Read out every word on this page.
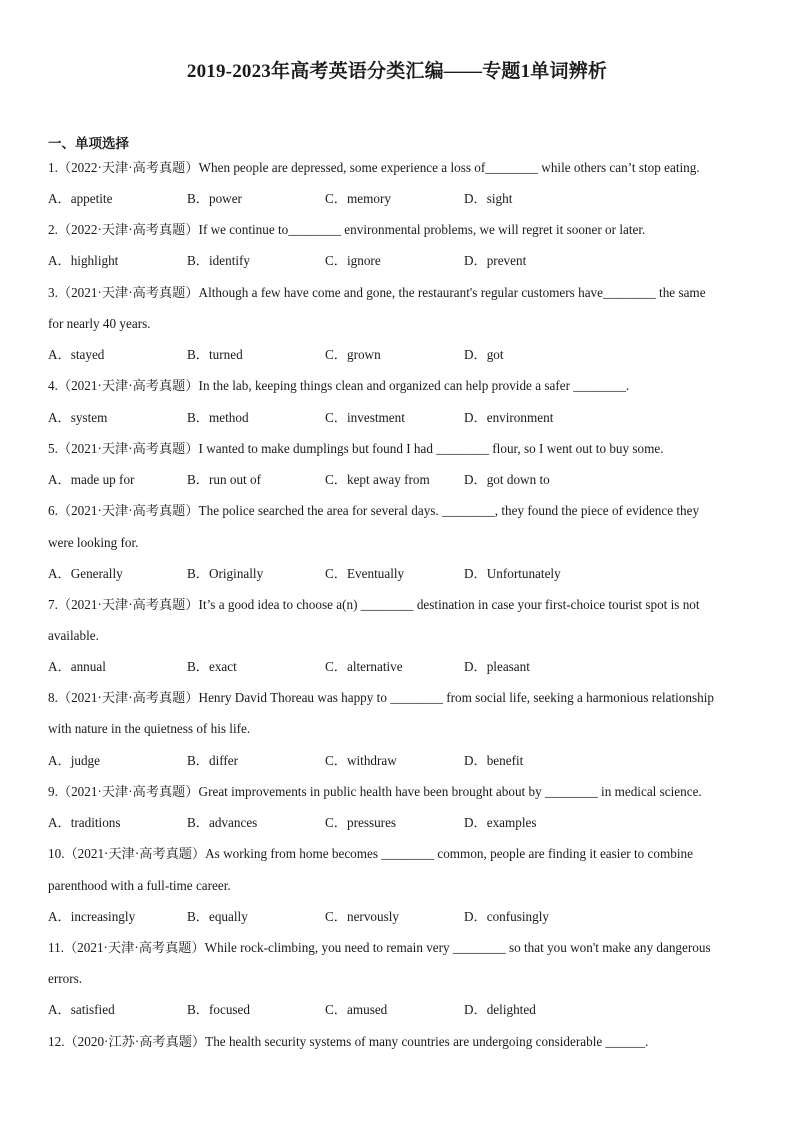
2019-2023年高考英语分类汇编——专题1单词辨析
一、单项选择
1.（2022·天津·高考真题）When people are depressed, some experience a loss of________ while others can’t stop eating.
A．appetite	B．power	C．memory	D．sight
2.（2022·天津·高考真题）If we continue to________ environmental problems, we will regret it sooner or later.
A．highlight	B．identify	C．ignore	D．prevent
3.（2021·天津·高考真题）Although a few have come and gone, the restaurant's regular customers have________ the same
for nearly 40 years.
A．stayed	B．turned	C．grown	D．got
4.（2021·天津·高考真题）In the lab, keeping things clean and organized can help provide a safer ________.
A．system	B．method	C．investment	D．environment
5.（2021·天津·高考真题）I wanted to make dumplings but found I had ________ flour, so I went out to buy some.
A．made up for	B．run out of	C．kept away from	D．got down to
6.（2021·天津·高考真题）The police searched the area for several days. ________, they found the piece of evidence they
were looking for.
A．Generally	B．Originally	C．Eventually	D．Unfortunately
7.（2021·天津·高考真题）It’s a good idea to choose a(n) ________ destination in case your first-choice tourist spot is not
available.
A．annual	B．exact	C．alternative	D．pleasant
8.（2021·天津·高考真题）Henry David Thoreau was happy to ________ from social life, seeking a harmonious relationship
with nature in the quietness of his life.
A．judge	B．differ	C．withdraw	D．benefit
9.（2021·天津·高考真题）Great improvements in public health have been brought about by ________ in medical science.
A．traditions	B．advances	C．pressures	D．examples
10.（2021·天津·高考真题）As working from home becomes ________ common, people are finding it easier to combine
parenthood with a full-time career.
A．increasingly	B．equally	C．nervously	D．confusingly
11.（2021·天津·高考真题）While rock-climbing, you need to remain very ________ so that you won't make any dangerous
errors.
A．satisfied	B．focused	C．amused	D．delighted
12.（2020·江苏·高考真题）The health security systems of many countries are undergoing considerable ______.
